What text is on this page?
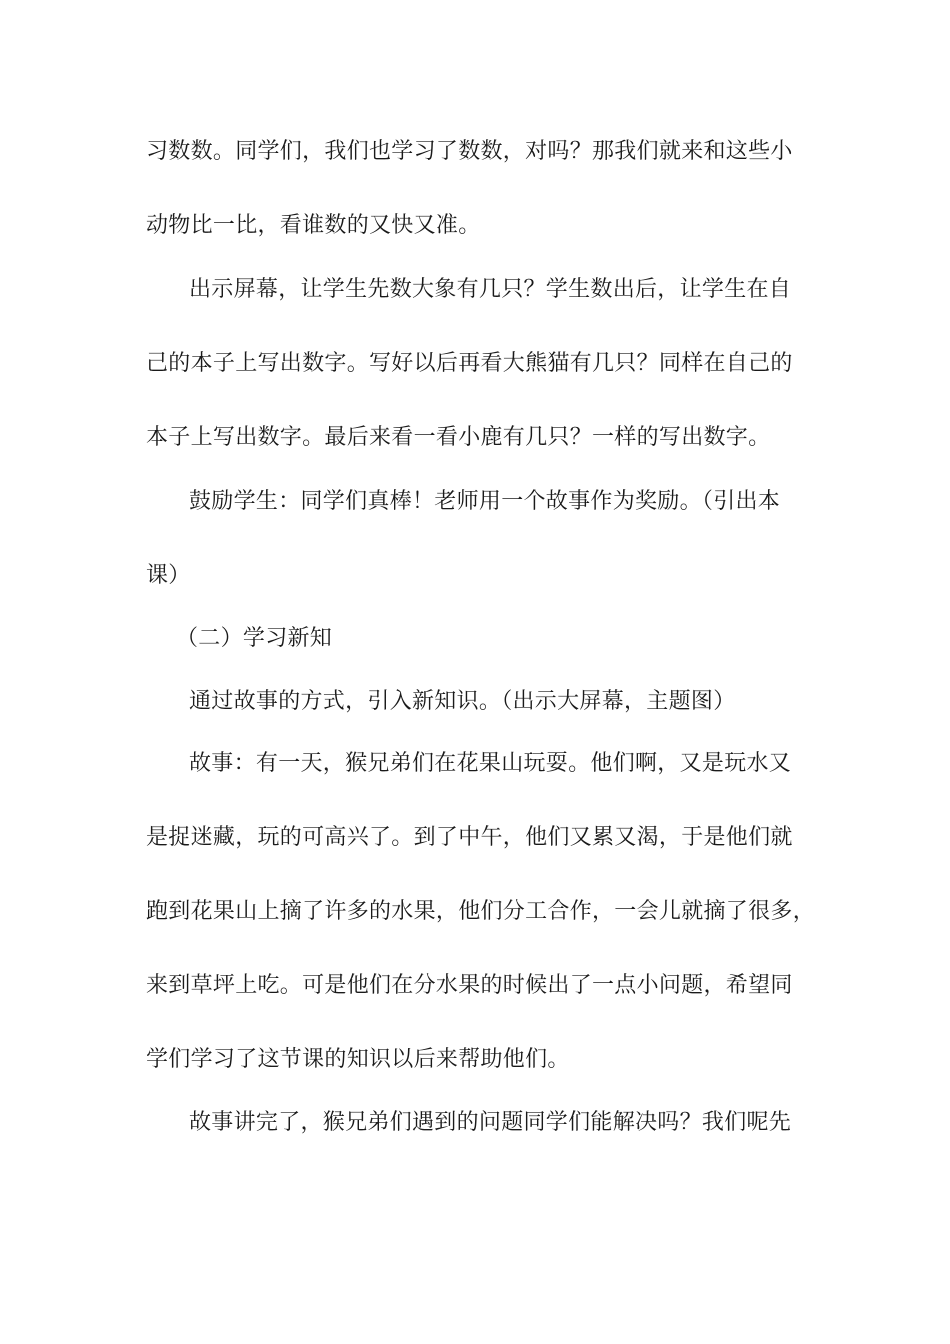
习数数。同学们，我们也学习了数数，对吗？那我们就来和这些小
动物比一比，看谁数的又快又准。
出示屏幕，让学生先数大象有几只？学生数出后，让学生在自
己的本子上写出数字。写好以后再看大熊猫有几只？同样在自己的
本子上写出数字。最后来看一看小鹿有几只？一样的写出数字。
鼓励学生：同学们真棒！老师用一个故事作为奖励。（引出本
课）
（二）学习新知
通过故事的方式，引入新知识。（出示大屏幕，主题图）
故事：有一天，猴兄弟们在花果山玩耍。他们啊，又是玩水又
是捉迷藏，玩的可高兴了。到了中午，他们又累又渴，于是他们就
跑到花果山上摘了许多的水果，他们分工合作，一会儿就摘了很多，
来到草坪上吃。可是他们在分水果的时候出了一点小问题，希望同
学们学习了这节课的知识以后来帮助他们。
故事讲完了，猴兄弟们遇到的问题同学们能解决吗？我们呢先
